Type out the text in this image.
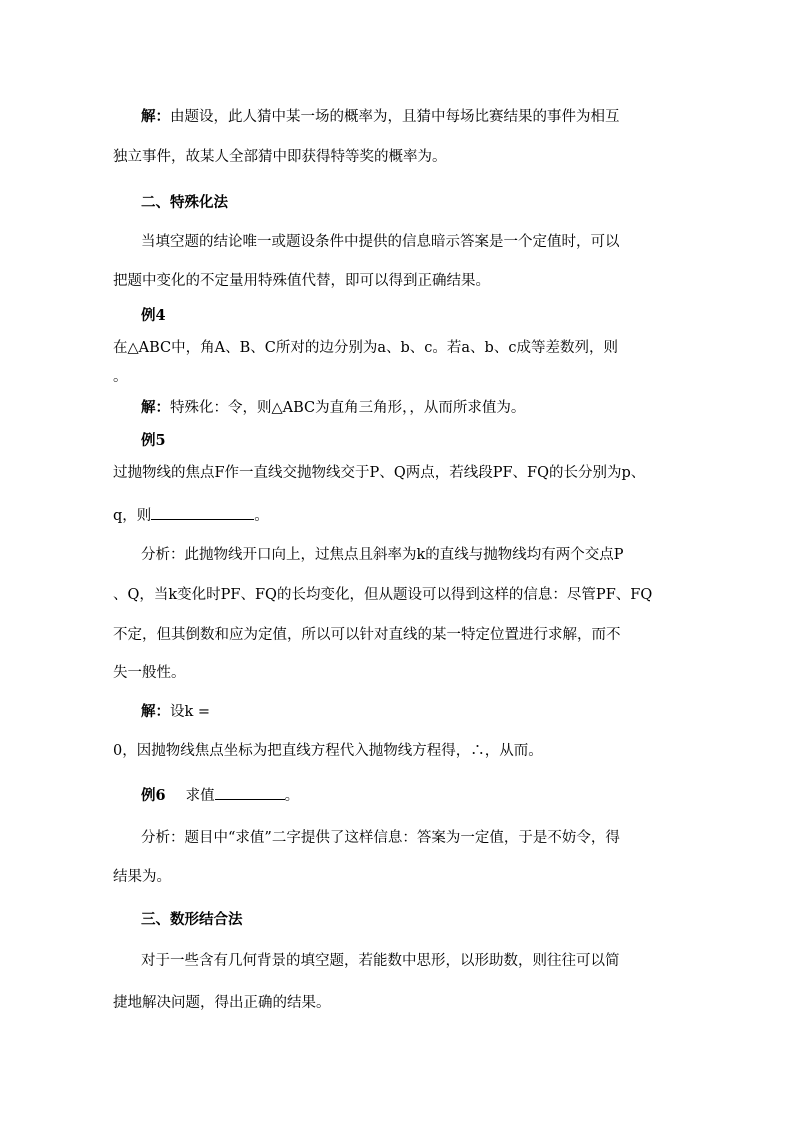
解：由题设，此人猜中某一场的概率为，且猜中每场比赛结果的事件为相互
独立事件，故某人全部猜中即获得特等奖的概率为。
二、特殊化法
当填空题的结论唯一或题设条件中提供的信息暗示答案是一个定值时，可以
把题中变化的不定量用特殊值代替，即可以得到正确结果。
例4
在△ABC中，角A、B、C所对的边分别为a、b、c。若a、b、c成等差数列，则
。
解：特殊化：令，则△ABC为直角三角形，，从而所求值为。
例5
过抛物线的焦点F作一直线交抛物线交于P、Q两点，若线段PF、FQ的长分别为p、
q，则	。
分析：此抛物线开口向上，过焦点且斜率为k的直线与抛物线均有两个交点P
、Q，当k变化时PF、FQ的长均变化，但从题设可以得到这样的信息：尽管PF、FQ
不定，但其倒数和应为定值，所以可以针对直线的某一特定位置进行求解，而不
失一般性。
解：设k =
0，因抛物线焦点坐标为把直线方程代入抛物线方程得，∴，从而。
例6 求值	。
分析：题目中“求值”二字提供了这样信息：答案为一定值，于是不妨令，得
结果为。
三、数形结合法
对于一些含有几何背景的填空题，若能数中思形，以形助数，则往往可以简
捷地解决问题，得出正确的结果。
